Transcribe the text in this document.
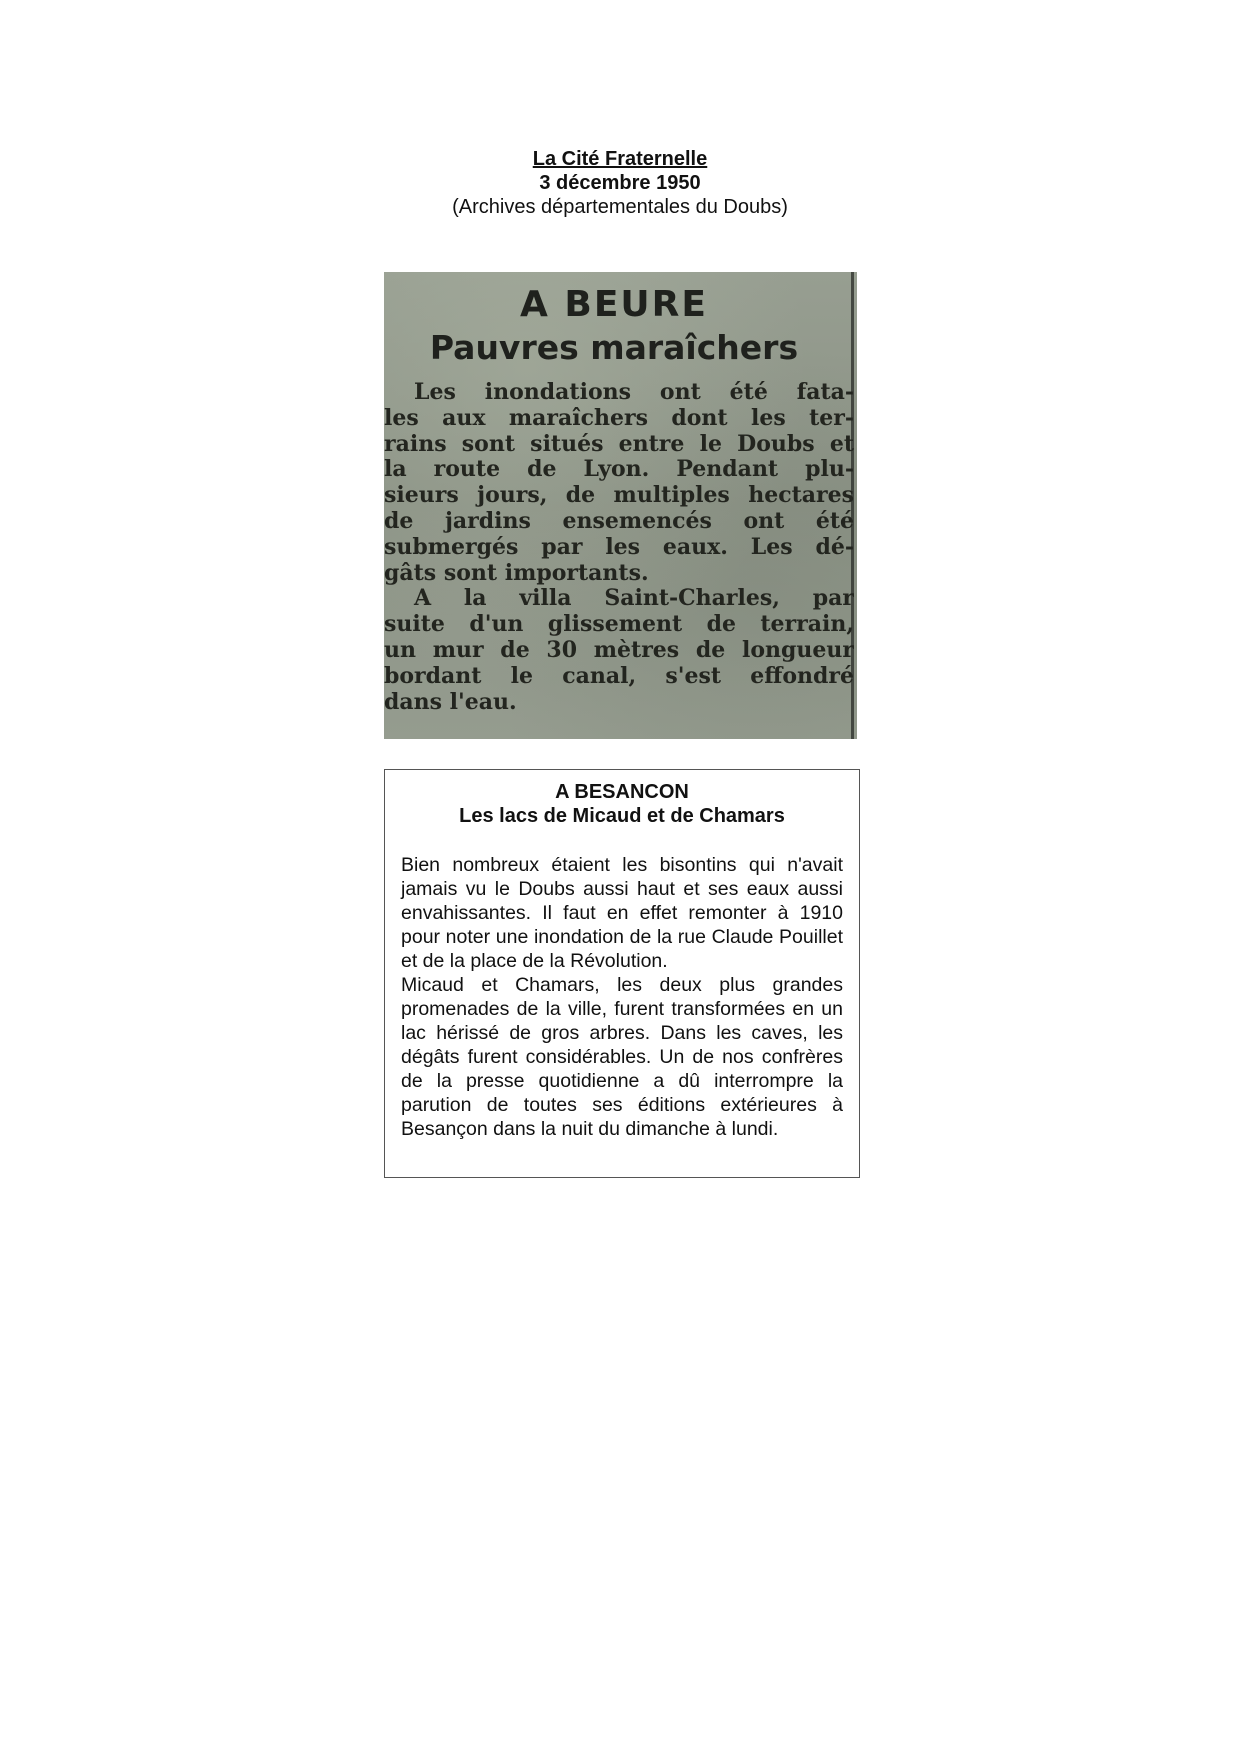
La Cité Fraternelle
3 décembre 1950
(Archives départementales du Doubs)
A BEURE
Pauvres maraîchers
Les inondations ont été fata-
les aux maraîchers dont les ter-
rains sont situés entre le Doubs et
la route de Lyon. Pendant plu-
sieurs jours, de multiples hectares
de jardins ensemencés ont été
submergés par les eaux. Les dé-
gâts sont importants.
A la villa Saint-Charles, par
suite d'un glissement de terrain,
un mur de 30 mètres de longueur
bordant le canal, s'est effondré
dans l'eau.
A BESANCON
Les lacs de Micaud et de Chamars

Bien nombreux étaient les bisontins qui n'avait jamais vu le Doubs aussi haut et ses eaux aussi envahissantes. Il faut en effet remonter à 1910 pour noter une inondation de la rue Claude Pouillet et de la place de la Révolution.

Micaud et Chamars, les deux plus grandes promenades de la ville, furent transformées en un lac hérissé de gros arbres. Dans les caves, les dégâts furent considérables. Un de nos confrères de la presse quotidienne a dû interrompre la parution de toutes ses éditions extérieures à Besançon dans la nuit du dimanche à lundi.
